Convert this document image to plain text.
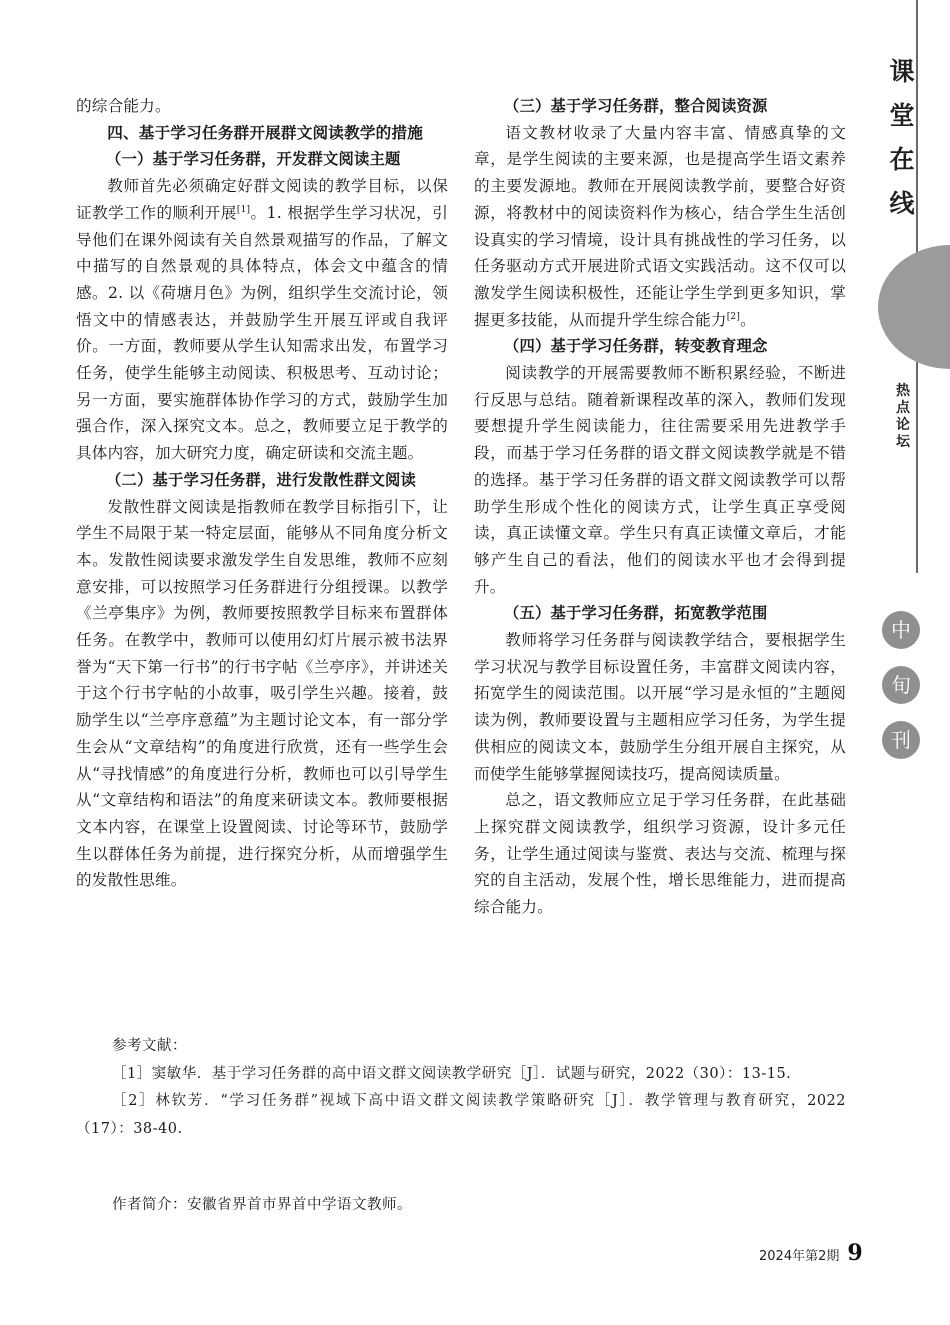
课堂在线
热点论坛
中
旬
刊

的综合能力。

四、基于学习任务群开展群文阅读教学的措施
（一）基于学习任务群，开发群文阅读主题

教师首先必须确定好群文阅读的教学目标，以保证教学工作的顺利开展[1]。1. 根据学生学习状况，引导他们在课外阅读有关自然景观描写的作品，了解文中描写的自然景观的具体特点，体会文中蕴含的情感。2. 以《荷塘月色》为例，组织学生交流讨论，领悟文中的情感表达，并鼓励学生开展互评或自我评价。一方面，教师要从学生认知需求出发，布置学习任务，使学生能够主动阅读、积极思考、互动讨论；另一方面，要实施群体协作学习的方式，鼓励学生加强合作，深入探究文本。总之，教师要立足于教学的具体内容，加大研究力度，确定研读和交流主题。

（二）基于学习任务群，进行发散性群文阅读

发散性群文阅读是指教师在教学目标指引下，让学生不局限于某一特定层面，能够从不同角度分析文本。发散性阅读要求激发学生自发思维，教师不应刻意安排，可以按照学习任务群进行分组授课。以教学《兰亭集序》为例，教师要按照教学目标来布置群体任务。在教学中，教师可以使用幻灯片展示被书法界誉为“天下第一行书”的行书字帖《兰亭序》，并讲述关于这个行书字帖的小故事，吸引学生兴趣。接着，鼓励学生以“兰亭序意蕴”为主题讨论文本，有一部分学生会从“文章结构”的角度进行欣赏，还有一些学生会从“寻找情感”的角度进行分析，教师也可以引导学生从“文章结构和语法”的角度来研读文本。教师要根据文本内容，在课堂上设置阅读、讨论等环节，鼓励学生以群体任务为前提，进行探究分析，从而增强学生的发散性思维。

（三）基于学习任务群，整合阅读资源

语文教材收录了大量内容丰富、情感真挚的文章，是学生阅读的主要来源，也是提高学生语文素养的主要发源地。教师在开展阅读教学前，要整合好资源，将教材中的阅读资料作为核心，结合学生生活创设真实的学习情境，设计具有挑战性的学习任务，以任务驱动方式开展进阶式语文实践活动。这不仅可以激发学生阅读积极性，还能让学生学到更多知识，掌握更多技能，从而提升学生综合能力[2]。

（四）基于学习任务群，转变教育理念

阅读教学的开展需要教师不断积累经验，不断进行反思与总结。随着新课程改革的深入，教师们发现要想提升学生阅读能力，往往需要采用先进教学手段，而基于学习任务群的语文群文阅读教学就是不错的选择。基于学习任务群的语文群文阅读教学可以帮助学生形成个性化的阅读方式，让学生真正享受阅读，真正读懂文章。学生只有真正读懂文章后，才能够产生自己的看法，他们的阅读水平也才会得到提升。

（五）基于学习任务群，拓宽教学范围

教师将学习任务群与阅读教学结合，要根据学生学习状况与教学目标设置任务，丰富群文阅读内容，拓宽学生的阅读范围。以开展“学习是永恒的”主题阅读为例，教师要设置与主题相应学习任务，为学生提供相应的阅读文本，鼓励学生分组开展自主探究，从而使学生能够掌握阅读技巧，提高阅读质量。

总之，语文教师应立足于学习任务群，在此基础上探究群文阅读教学，组织学习资源，设计多元任务，让学生通过阅读与鉴赏、表达与交流、梳理与探究的自主活动，发展个性，增长思维能力，进而提高综合能力。

参考文献：

［1］窦敏华．基于学习任务群的高中语文群文阅读教学研究［J］．试题与研究，2022（30）：13-15.

［2］林钦芳．“学习任务群”视域下高中语文群文阅读教学策略研究［J］．教学管理与教育研究，2022（17）：38-40.

作者简介：安徽省界首市界首中学语文教师。

2024年第2期 9
